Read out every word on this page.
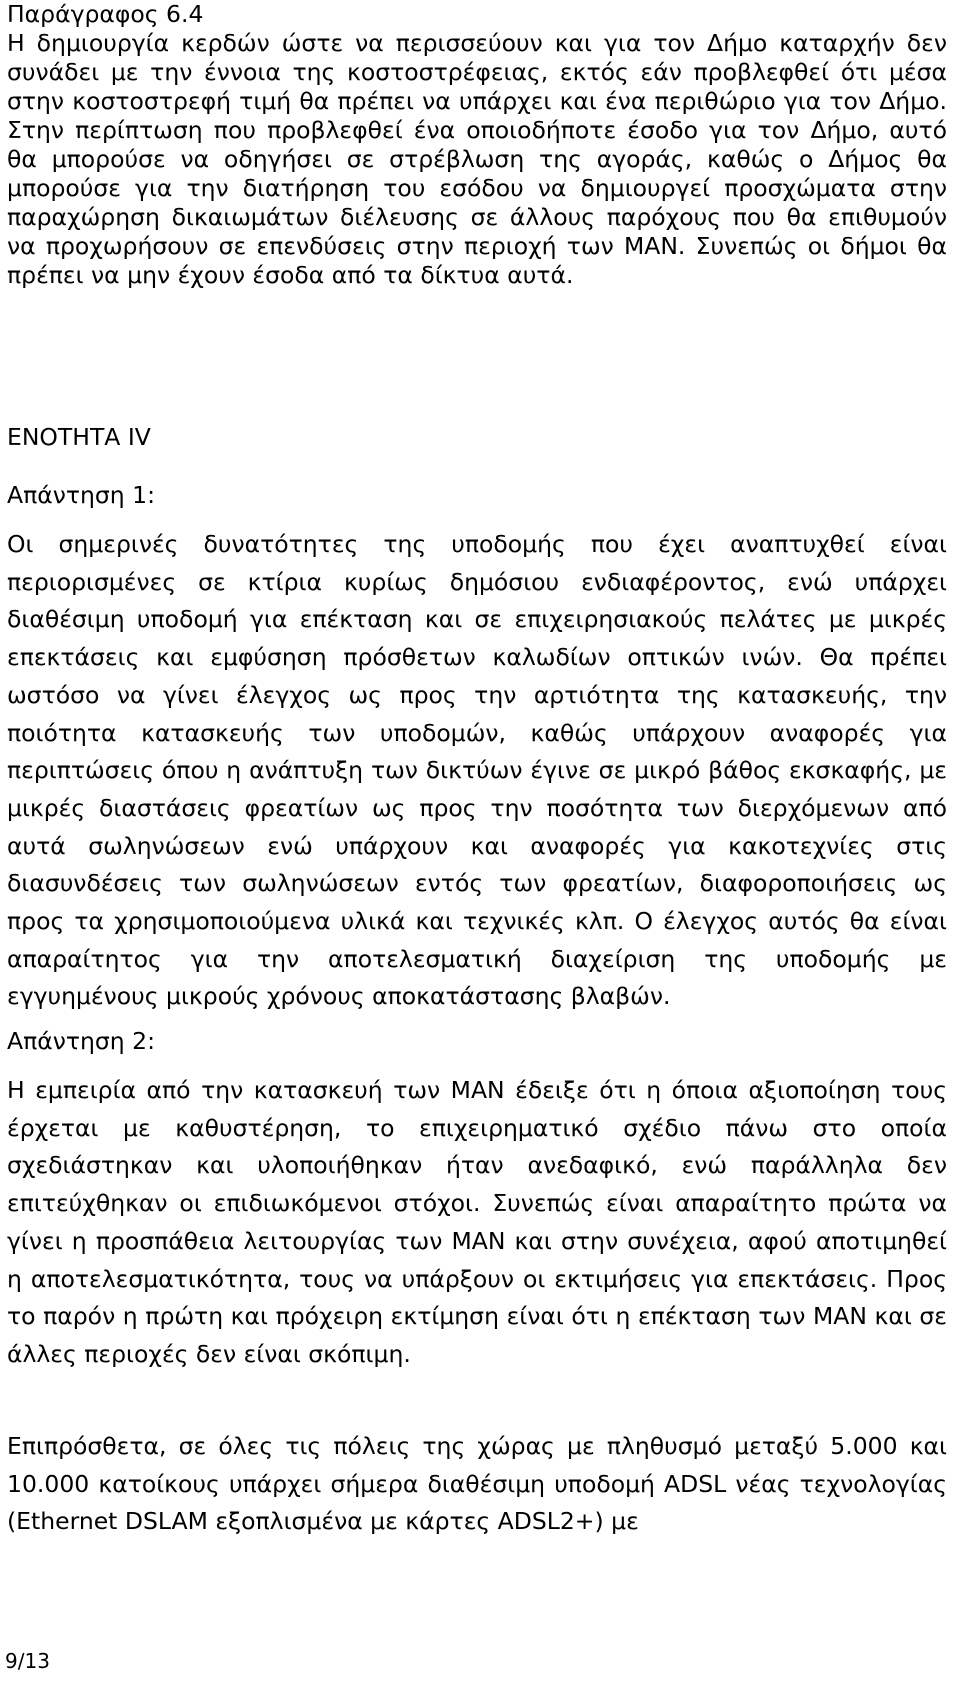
Παράγραφος 6.4
Η δημιουργία κερδών ώστε να περισσεύουν και για τον Δήμο καταρχήν δεν συνάδει με την έννοια της κοστοστρέφειας, εκτός εάν προβλεφθεί ότι μέσα στην κοστοστρεφή τιμή θα πρέπει να υπάρχει και ένα περιθώριο για τον Δήμο. Στην περίπτωση που προβλεφθεί ένα οποιοδήποτε έσοδο για τον Δήμο, αυτό θα μπορούσε να οδηγήσει σε στρέβλωση της αγοράς, καθώς ο Δήμος θα μπορούσε για την διατήρηση του εσόδου να δημιουργεί προσχώματα στην παραχώρηση δικαιωμάτων διέλευσης σε άλλους παρόχους που θα επιθυμούν να προχωρήσουν σε επενδύσεις στην περιοχή των MAN. Συνεπώς οι δήμοι θα πρέπει να μην έχουν έσοδα από τα δίκτυα αυτά.
ΕΝΟΤΗΤΑ IV
Απάντηση 1:
Οι σημερινές δυνατότητες της υποδομής που έχει αναπτυχθεί είναι περιορισμένες σε κτίρια κυρίως δημόσιου ενδιαφέροντος, ενώ υπάρχει διαθέσιμη υποδομή για επέκταση και σε επιχειρησιακούς πελάτες με μικρές επεκτάσεις και εμφύσηση πρόσθετων καλωδίων οπτικών ινών. Θα πρέπει ωστόσο να γίνει έλεγχος ως προς την αρτιότητα της κατασκευής, την ποιότητα κατασκευής των υποδομών, καθώς υπάρχουν αναφορές για περιπτώσεις όπου η ανάπτυξη των δικτύων έγινε σε μικρό βάθος εκσκαφής, με μικρές διαστάσεις φρεατίων ως προς την ποσότητα των διερχόμενων από αυτά σωληνώσεων ενώ υπάρχουν και αναφορές για κακοτεχνίες στις διασυνδέσεις των σωληνώσεων εντός των φρεατίων, διαφοροποιήσεις ως προς τα χρησιμοποιούμενα υλικά και τεχνικές κλπ. Ο έλεγχος αυτός θα είναι απαραίτητος για την αποτελεσματική διαχείριση της υποδομής με εγγυημένους μικρούς χρόνους αποκατάστασης βλαβών.
Απάντηση 2:
Η εμπειρία από την κατασκευή των MAN έδειξε ότι η όποια αξιοποίηση τους έρχεται με καθυστέρηση, το επιχειρηματικό σχέδιο πάνω στο οποία σχεδιάστηκαν και υλοποιήθηκαν ήταν ανεδαφικό, ενώ παράλληλα δεν επιτεύχθηκαν οι επιδιωκόμενοι στόχοι. Συνεπώς είναι απαραίτητο πρώτα να γίνει η προσπάθεια λειτουργίας των MAN και στην συνέχεια, αφού αποτιμηθεί η αποτελεσματικότητα, τους να υπάρξουν οι εκτιμήσεις για επεκτάσεις. Προς το παρόν η πρώτη και πρόχειρη εκτίμηση είναι ότι η επέκταση των MAN και σε άλλες περιοχές δεν είναι σκόπιμη.
Επιπρόσθετα, σε όλες τις πόλεις της χώρας με πληθυσμό μεταξύ 5.000 και 10.000 κατοίκους υπάρχει σήμερα διαθέσιμη υποδομή ADSL νέας τεχνολογίας (Ethernet DSLAM εξοπλισμένα με κάρτες ADSL2+) με
9/13
